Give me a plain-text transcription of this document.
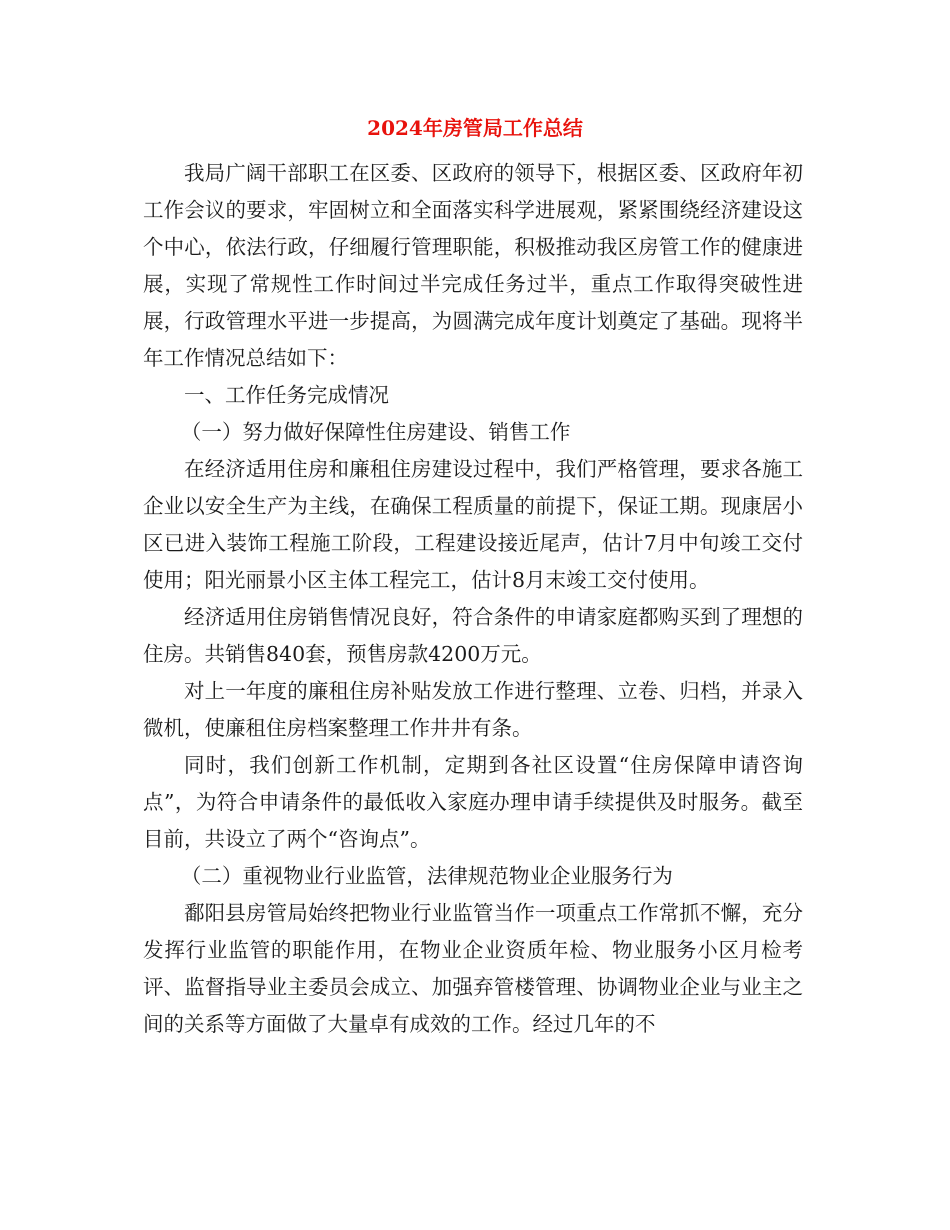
2024年房管局工作总结

我局广阔干部职工在区委、区政府的领导下，根据区委、区政府年初工作会议的要求，牢固树立和全面落实科学进展观，紧紧围绕经济建设这个中心，依法行政，仔细履行管理职能，积极推动我区房管工作的健康进展，实现了常规性工作时间过半完成任务过半，重点工作取得突破性进展，行政管理水平进一步提高，为圆满完成年度计划奠定了基础。现将半年工作情况总结如下：

一、工作任务完成情况

（一）努力做好保障性住房建设、销售工作

在经济适用住房和廉租住房建设过程中，我们严格管理，要求各施工企业以安全生产为主线，在确保工程质量的前提下，保证工期。现康居小区已进入装饰工程施工阶段，工程建设接近尾声，估计7月中旬竣工交付使用；阳光丽景小区主体工程完工，估计8月末竣工交付使用。

经济适用住房销售情况良好，符合条件的申请家庭都购买到了理想的住房。共销售840套，预售房款4200万元。

对上一年度的廉租住房补贴发放工作进行整理、立卷、归档，并录入微机，使廉租住房档案整理工作井井有条。

同时，我们创新工作机制，定期到各社区设置“住房保障申请咨询点”，为符合申请条件的最低收入家庭办理申请手续提供及时服务。截至目前，共设立了两个“咨询点”。

（二）重视物业行业监管，法律规范物业企业服务行为

鄱阳县房管局始终把物业行业监管当作一项重点工作常抓不懈，充分发挥行业监管的职能作用，在物业企业资质年检、物业服务小区月检考评、监督指导业主委员会成立、加强弃管楼管理、协调物业企业与业主之间的关系等方面做了大量卓有成效的工作。经过几年的不
